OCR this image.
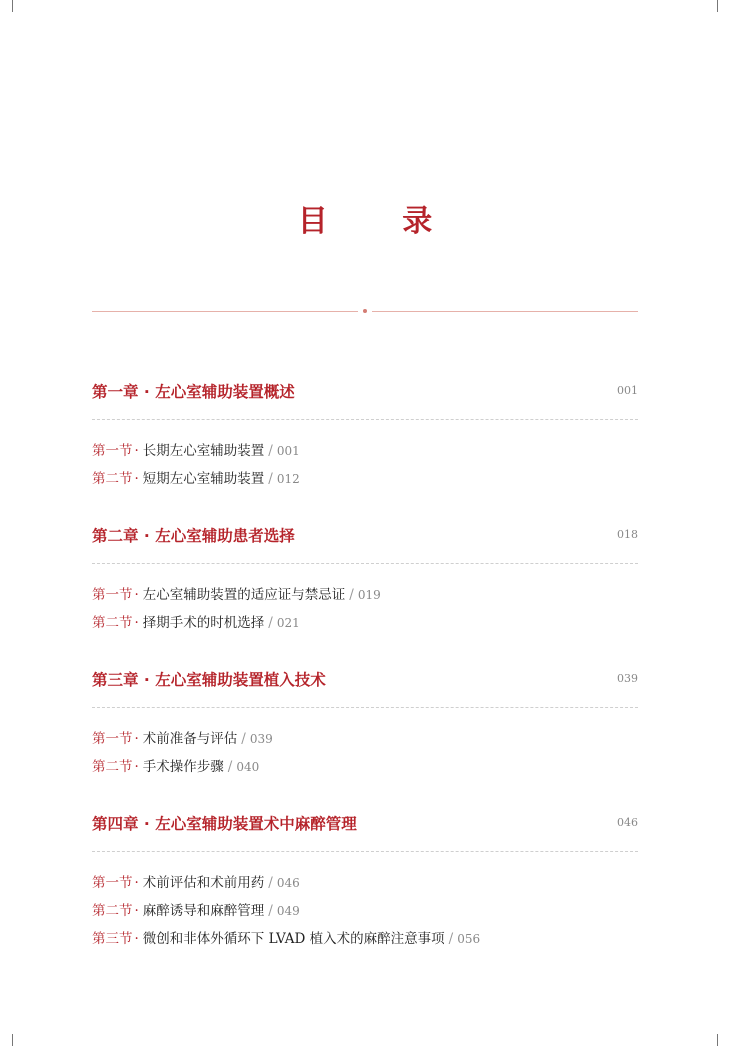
目 录
第一章 · 左心室辅助装置概述	001
第一节 · 长期左心室辅助装置 / 001
第二节 · 短期左心室辅助装置 / 012
第二章 · 左心室辅助患者选择	018
第一节 · 左心室辅助装置的适应证与禁忌证 / 019
第二节 · 择期手术的时机选择 / 021
第三章 · 左心室辅助装置植入技术	039
第一节 · 术前准备与评估 / 039
第二节 · 手术操作步骤 / 040
第四章 · 左心室辅助装置术中麻醉管理	046
第一节 · 术前评估和术前用药 / 046
第二节 · 麻醉诱导和麻醉管理 / 049
第三节 · 微创和非体外循环下 LVAD 植入术的麻醉注意事项 / 056
